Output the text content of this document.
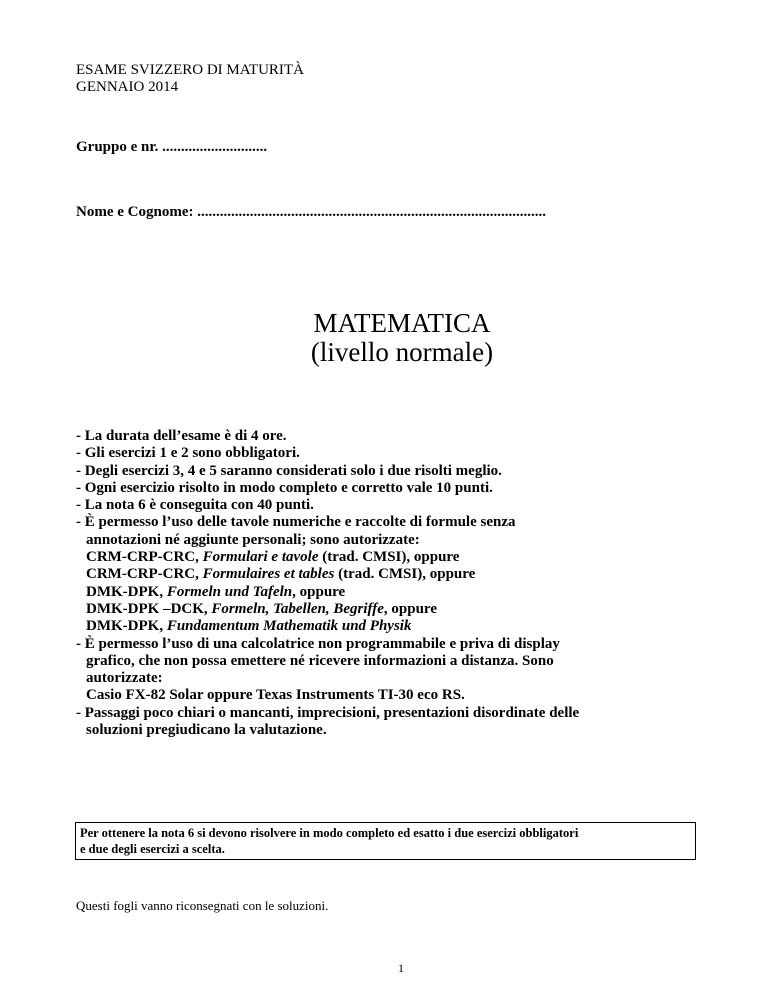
ESAME SVIZZERO DI MATURITÀ
GENNAIO 2014
Gruppo e nr. ............................
Nome e Cognome: .............................................................................................
MATEMATICA
(livello normale)
- La durata dell’esame è di 4 ore.
- Gli esercizi 1 e 2 sono obbligatori.
- Degli esercizi 3, 4 e 5 saranno considerati solo i due risolti meglio.
- Ogni esercizio risolto in modo completo e corretto vale 10 punti.
- La nota 6 è conseguita con 40 punti.
- È permesso l’uso delle tavole numeriche e raccolte di formule senza
annotazioni né aggiunte personali; sono autorizzate:
CRM-CRP-CRC, Formulari e tavole (trad. CMSI), oppure
CRM-CRP-CRC, Formulaires et tables (trad. CMSI), oppure
DMK-DPK, Formeln und Tafeln, oppure
DMK-DPK –DCK, Formeln, Tabellen, Begriffe, oppure
DMK-DPK, Fundamentum Mathematik und Physik
- È permesso l’uso di una calcolatrice non programmabile e priva di display
grafico, che non possa emettere né ricevere informazioni a distanza. Sono
autorizzate:
Casio FX-82 Solar oppure Texas Instruments TI-30 eco RS.
- Passaggi poco chiari o mancanti, imprecisioni, presentazioni disordinate delle
soluzioni pregiudicano la valutazione.
Per ottenere la nota 6 si devono risolvere in modo completo ed esatto i due esercizi obbligatori
e due degli esercizi a scelta.
Questi fogli vanno riconsegnati con le soluzioni.
1
